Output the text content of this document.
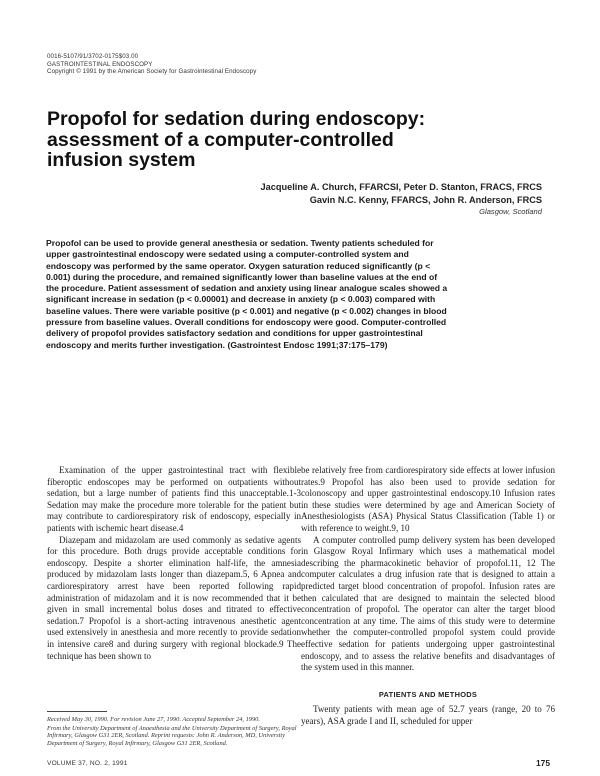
0016-5107/91/3702-0175$03.00
GASTROINTESTINAL ENDOSCOPY
Copyright © 1991 by the American Society for Gastrointestinal Endoscopy
Propofol for sedation during endoscopy: assessment of a computer-controlled infusion system
Jacqueline A. Church, FFARCSI, Peter D. Stanton, FRACS, FRCS
Gavin N.C. Kenny, FFARCS, John R. Anderson, FRCS
Glasgow, Scotland

Propofol can be used to provide general anesthesia or sedation. Twenty patients scheduled for upper gastrointestinal endoscopy were sedated using a computer-controlled system and endoscopy was performed by the same operator. Oxygen saturation reduced significantly (p < 0.001) during the procedure, and remained significantly lower than baseline values at the end of the procedure. Patient assessment of sedation and anxiety using linear analogue scales showed a significant increase in sedation (p < 0.00001) and decrease in anxiety (p < 0.003) compared with baseline values. There were variable positive (p < 0.001) and negative (p < 0.002) changes in blood pressure from baseline values. Overall conditions for endoscopy were good. Computer-controlled delivery of propofol provides satisfactory sedation and conditions for upper gastrointestinal endoscopy and merits further investigation. (Gastrointest Endosc 1991;37:175–179)

Examination of the upper gastrointestinal tract with flexible fiberoptic endoscopes may be performed on outpatients without sedation, but a large number of patients find this unacceptable.1-3 Sedation may make the procedure more tolerable for the patient but may contribute to cardiorespiratory risk of endoscopy, especially in patients with ischemic heart disease.4

Diazepam and midazolam are used commonly as sedative agents for this procedure. Both drugs provide acceptable conditions for endoscopy. Despite a shorter elimination half-life, the amnesia produced by midazolam lasts longer than diazepam.5, 6 Apnea and cardiorespiratory arrest have been reported following rapid administration of midazolam and it is now recommended that it be given in small incremental bolus doses and titrated to effective sedation.7 Propofol is a short-acting intravenous anesthetic agent used extensively in anesthesia and more recently to provide sedation in intensive care8 and during surgery with regional blockade.9 The technique has been shown to

be relatively free from cardiorespiratory side effects at lower infusion rates.9 Propofol has also been used to provide sedation for colonoscopy and upper gastrointestinal endoscopy.10 Infusion rates in these studies were determined by age and American Society of Anesthesiologists (ASA) Physical Status Classification (Table 1) or with reference to weight.9, 10

A computer controlled pump delivery system has been developed in Glasgow Royal Infirmary which uses a mathematical model describing the pharmacokinetic behavior of propofol.11, 12 The computer calculates a drug infusion rate that is designed to attain a predicted target blood concentration of propofol. Infusion rates are then calculated that are designed to maintain the selected blood concentration of propofol. The operator can alter the target blood concentration at any time. The aims of this study were to determine whether the computer-controlled propofol system could provide effective sedation for patients undergoing upper gastrointestinal endoscopy, and to assess the relative benefits and disadvantages of the system used in this manner.

PATIENTS AND METHODS

Twenty patients with mean age of 52.7 years (range, 20 to 76 years), ASA grade I and II, scheduled for upper

Received May 30, 1990. For revision June 27, 1990. Accepted September 24, 1990.

From the University Department of Anaesthesia and the University Department of Surgery, Royal Infirmary, Glasgow G31 2ER, Scotland. Reprint requests: John R. Anderson, MD, University Department of Surgery, Royal Infirmary, Glasgow G31 2ER, Scotland.

VOLUME 37, NO. 2, 1991	175
